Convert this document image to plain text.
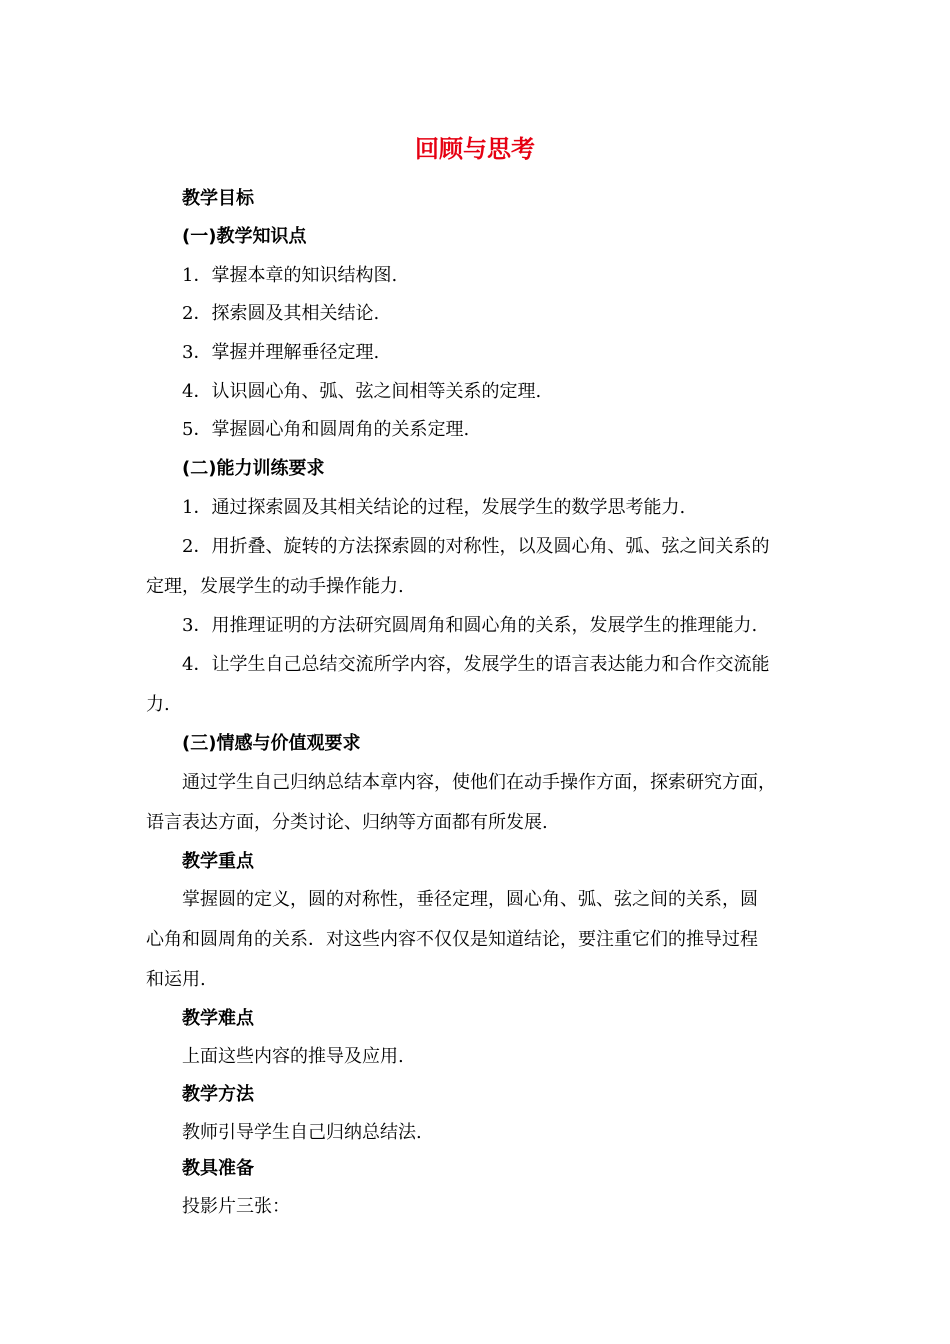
回顾与思考
教学目标
(一)教学知识点
1．掌握本章的知识结构图.
2．探索圆及其相关结论.
3．掌握并理解垂径定理.
4．认识圆心角、弧、弦之间相等关系的定理.
5．掌握圆心角和圆周角的关系定理.
(二)能力训练要求
1．通过探索圆及其相关结论的过程，发展学生的数学思考能力.
2．用折叠、旋转的方法探索圆的对称性，以及圆心角、弧、弦之间关系的
定理，发展学生的动手操作能力.
3．用推理证明的方法研究圆周角和圆心角的关系，发展学生的推理能力.
4．让学生自己总结交流所学内容，发展学生的语言表达能力和合作交流能
力.
(三)情感与价值观要求
通过学生自己归纳总结本章内容，使他们在动手操作方面，探索研究方面，
语言表达方面，分类讨论、归纳等方面都有所发展.
教学重点
掌握圆的定义，圆的对称性，垂径定理，圆心角、弧、弦之间的关系，圆
心角和圆周角的关系．对这些内容不仅仅是知道结论，要注重它们的推导过程
和运用.
教学难点
上面这些内容的推导及应用.
教学方法
教师引导学生自己归纳总结法.
教具准备
投影片三张：
